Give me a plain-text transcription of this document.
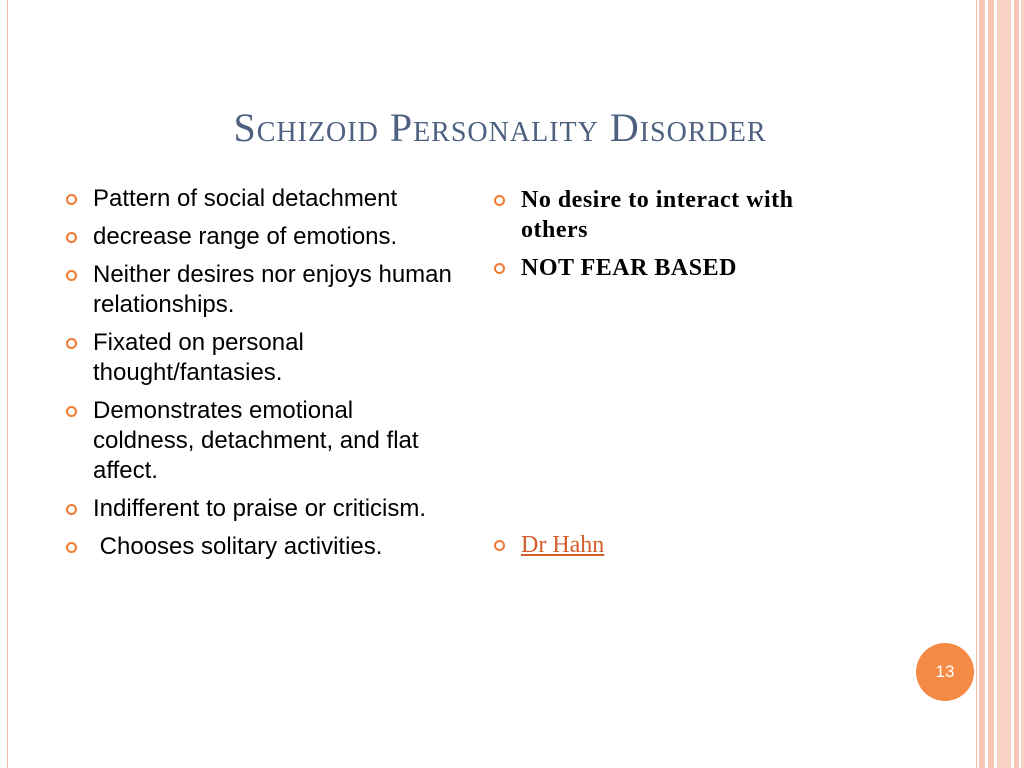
Schizoid Personality Disorder
Pattern of social detachment
decrease range of emotions.
Neither desires nor enjoys human relationships.
Fixated on personal thought/fantasies.
Demonstrates emotional coldness, detachment, and flat affect.
Indifferent to praise or criticism.
Chooses solitary activities.
No desire to interact with others
NOT FEAR BASED
Dr Hahn
13
